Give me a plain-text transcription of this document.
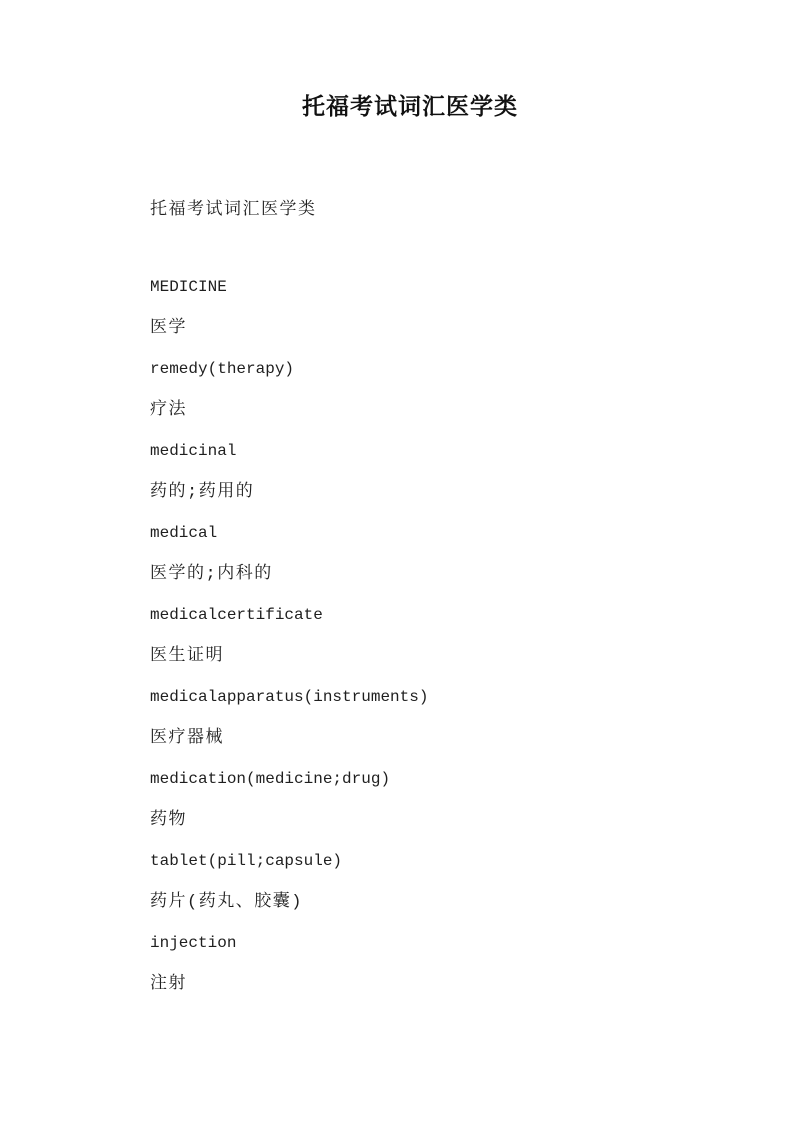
托福考试词汇医学类

托福考试词汇医学类

MEDICINE

医学

remedy(therapy)

疗法

medicinal

药的;药用的

medical

医学的;内科的

medicalcertificate

医生证明

medicalapparatus(instruments)

医疗器械

medication(medicine;drug)

药物

tablet(pill;capsule)

药片(药丸、胶囊)

injection

注射
